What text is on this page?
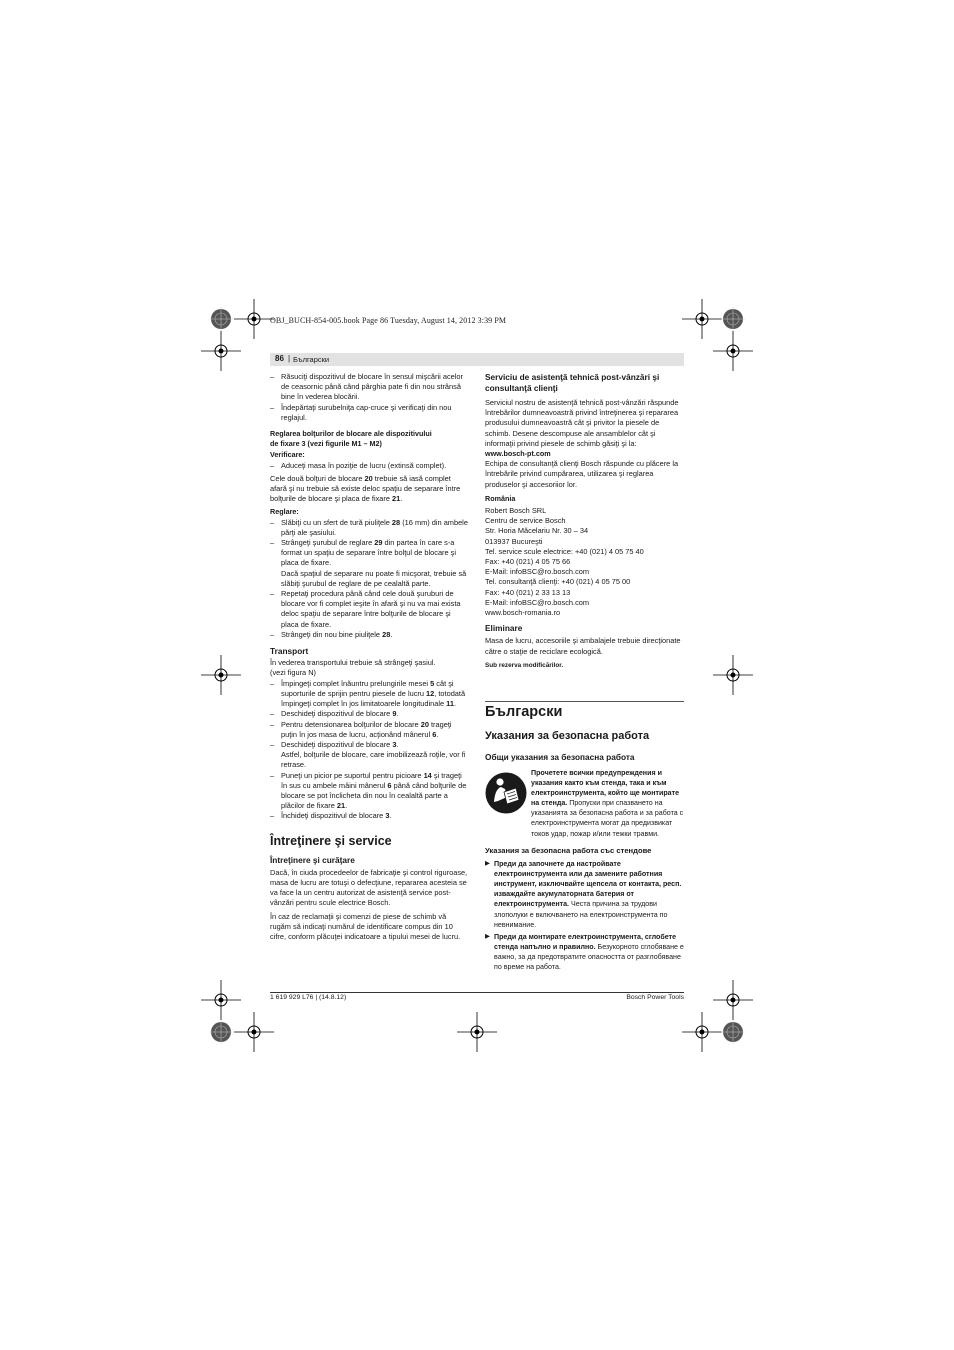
OBJ_BUCH-854-005.book Page 86 Tuesday, August 14, 2012 3:39 PM
86 | Български

– Răsuciţi dispozitivul de blocare în sensul mişcării acelor de ceasornic până când pârghia pate fi din nou strânsă bine în vederea blocării.

– Îndepărtaţi surubelniţa cap-cruce şi verificaţi din nou reglajul.

Reglarea bolţurilor de blocare ale dispozitivului

de fixare 3 (vezi figurile M1 – M2)

Verificare:

– Aduceţi masa în poziţie de lucru (extinsă complet).

Cele două bolţuri de blocare 20 trebuie să iasă complet afară şi nu trebuie să existe deloc spaţiu de separare între bolţurile de blocare şi placa de fixare 21.

Reglare:

– Slăbiţi cu un sfert de tură piuliţele 28 (16 mm) din ambele părţi ale şasiului.

– Strângeţi şurubul de reglare 29 din partea în care s-a format un spaţiu de separare între bolţul de blocare şi placa de fixare.
Dacă spaţiul de separare nu poate fi micşorat, trebuie să slăbiţi şurubul de reglare de pe cealaltă parte.

– Repetaţi procedura până când cele două şuruburi de blocare vor fi complet ieşite în afară şi nu va mai exista deloc spaţiu de separare între bolţurile de blocare şi placa de fixare.

– Strângeţi din nou bine piuliţele 28.

Transport

În vederea transportului trebuie să strângeţi şasiul.

(vezi figura N)

– Împingeţi complet înăuntru prelungirile mesei 5 cât şi suporturile de sprijin pentru piesele de lucru 12, totodată împingeţi complet în jos limitatoarele longitudinale 11.

– Deschideţi dispozitivul de blocare 9.

– Pentru detensionarea bolţurilor de blocare 20 trageţi puţin în jos masa de lucru, acţionând mânerul 6.

– Deschideţi dispozitivul de blocare 3.
Astfel, bolţurile de blocare, care imobilizează roţile, vor fi retrase.

– Puneţi un picior pe suportul pentru picioare 14 şi trageţi în sus cu ambele mâini mânerul 6 până când bolţurile de blocare se pot înclicheta din nou în cealaltă parte a plăcilor de fixare 21.

– Închideţi dispozitivul de blocare 3.

Întreţinere şi service

Întreţinere şi curăţare

Dacă, în ciuda procedeelor de fabricaţie şi control riguroase, masa de lucru are totuşi o defecţiune, repararea acesteia se va face la un centru autorizat de asistenţă service post-vânzări pentru scule electrice Bosch.

În caz de reclamaţii şi comenzi de piese de schimb vă rugăm să indicaţi numărul de identificare compus din 10 cifre, conform plăcuţei indicatoare a tipului mesei de lucru.

Serviciu de asistenţă tehnică post-vânzări şi consultanţă clienţi

Serviciul nostru de asistenţă tehnică post-vânzări răspunde întrebărilor dumneavoastră privind întreţinerea şi repararea produsului dumneavoastră cât şi privitor la piesele de schimb. Desene descompuse ale ansamblelor cât şi informaţii privind piesele de schimb găsiţi şi la:

www.bosch-pt.com

Echipa de consultanţă clienţi Bosch răspunde cu plăcere la întrebările privind cumpărarea, utilizarea şi reglarea produselor şi accesoriior lor.

România

Robert Bosch SRL

Centru de service Bosch

Str. Horia Măcelariu Nr. 30 – 34

013937 Bucureşti

Tel. service scule electrice: +40 (021) 4 05 75 40

Fax: +40 (021) 4 05 75 66

E-Mail: infoBSC@ro.bosch.com

Tel. consultanţă clienţi: +40 (021) 4 05 75 00

Fax: +40 (021) 2 33 13 13

E-Mail: infoBSC@ro.bosch.com

www.bosch-romania.ro

Eliminare

Masa de lucru, accesoriile şi ambalajele trebuie direcţionate către o staţie de reciclare ecologică.

Sub rezerva modificărilor.

Български

Указания за безопасна работа

Общи указания за безопасна работа

Прочетете всички предупреждения и указания както към стенда, така и към електроинструмента, който ще монтирате на стенда. Пропуски при спазването на указанията за безопасна работа и за работа с електроинструмента могат да предизвикат токов удар, пожар и/или тежки травми.

Указания за безопасна работа със стендове

▶ Преди да започнете да настройвате електроинструмента или да замените работния инструмент, изключвайте щепсела от контакта, респ. изваждайте акумулаторната батерия от електроинструмента. Честа причина за трудови злополуки е включването на електроинструмента по невнимание.

▶ Преди да монтирате електроинструмента, сглобете стенда напълно и правилно. Безукорното сглобяване е важно, за да предотвратите опасността от разглобяване по време на работа.

1 619 929 L76 | (14.8.12)	Bosch Power Tools
